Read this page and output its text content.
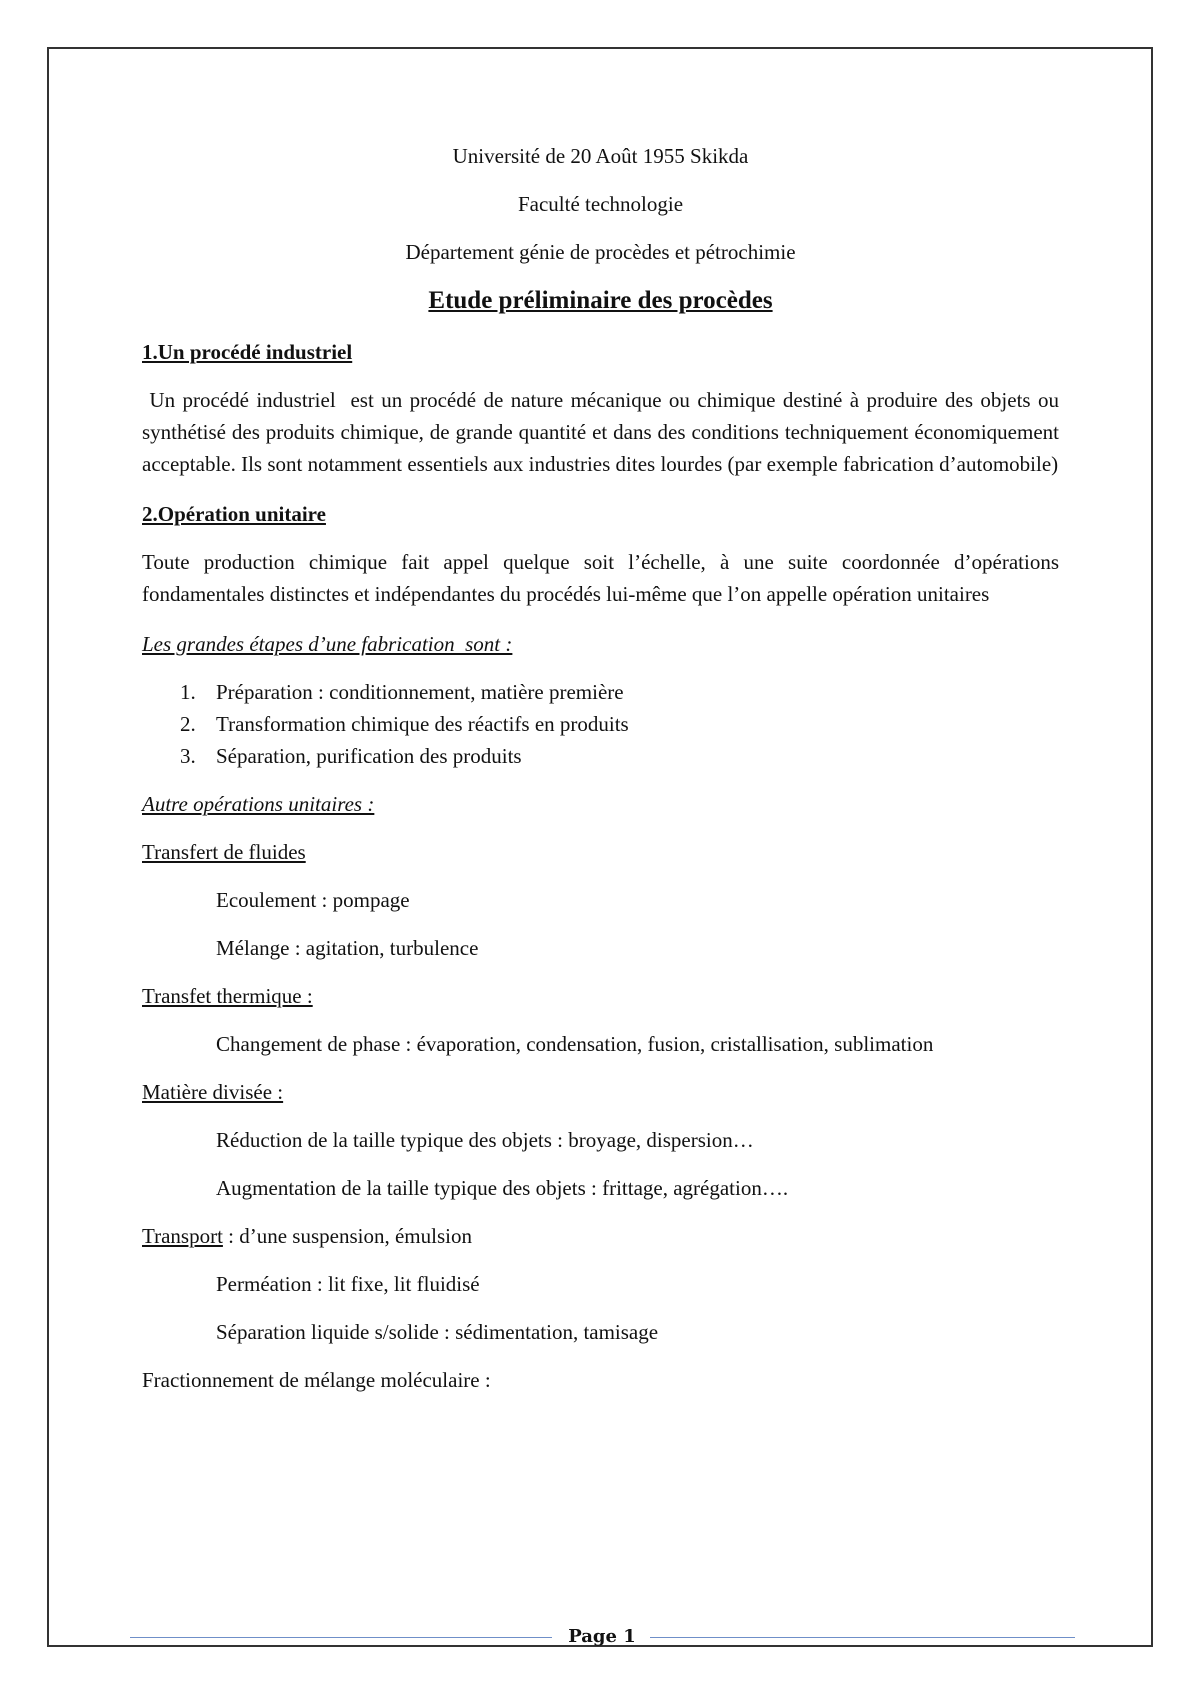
Université de 20 Août 1955 Skikda

Faculté technologie

Département génie de procèdes et pétrochimie

Etude préliminaire des procèdes

1.Un procédé industriel

Un procédé industriel  est un procédé de nature mécanique ou chimique destiné à produire des objets ou synthétisé des produits chimique, de grande quantité et dans des conditions techniquement économiquement acceptable. Ils sont notamment essentiels aux industries dites lourdes (par exemple fabrication d’automobile)

2.Opération unitaire

Toute production chimique fait appel quelque soit l’échelle, à une suite coordonnée d’opérations fondamentales distinctes et indépendantes du procédés lui-même que l’on appelle opération unitaires

Les grandes étapes d’une fabrication  sont :

1. Préparation : conditionnement, matière première
2. Transformation chimique des réactifs en produits
3. Séparation, purification des produits

Autre opérations unitaires :

Transfert de fluides

Ecoulement : pompage

Mélange : agitation, turbulence

Transfet thermique :

Changement de phase : évaporation, condensation, fusion, cristallisation, sublimation

Matière divisée :

Réduction de la taille typique des objets : broyage, dispersion…

Augmentation de la taille typique des objets : frittage, agrégation….

Transport : d’une suspension, émulsion

Perméation : lit fixe, lit fluidisé

Séparation liquide s/solide : sédimentation, tamisage

Fractionnement de mélange moléculaire :

Page 1
